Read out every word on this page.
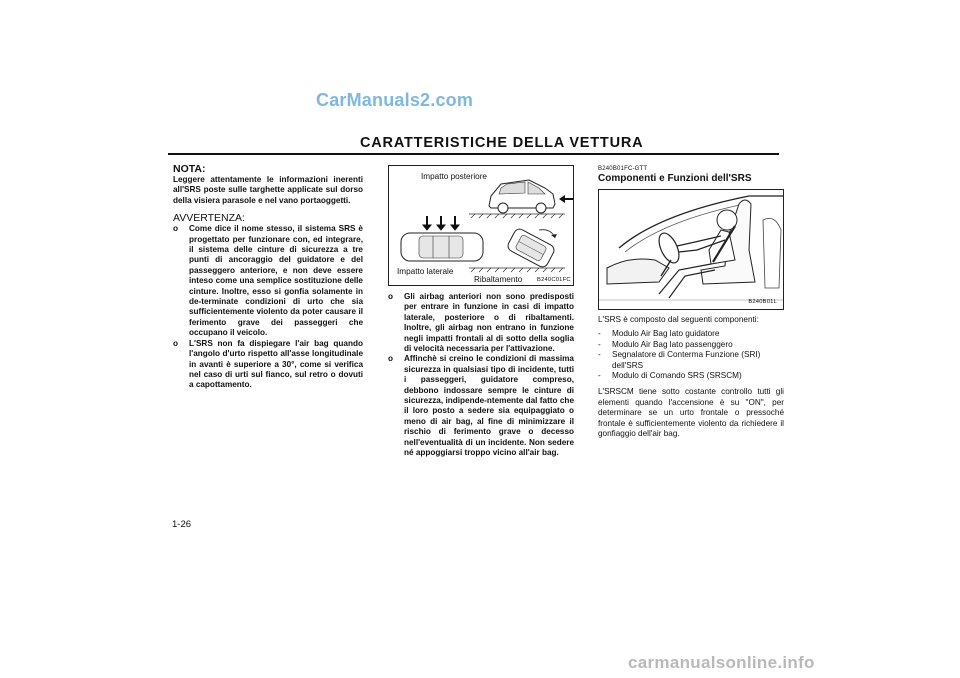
CarManuals2.com
carmanualsonline.info
CARATTERISTICHE DELLA VETTURA
NOTA:

Leggere attentamente le informazioni inerenti all'SRS poste sulle targhette applicate sul dorso della visiera parasole e nel vano portaoggetti.

AVVERTENZA:
o Come dice il nome stesso, il sistema SRS è progettato per funzionare con, ed integrare, il sistema delle cinture di sicurezza a tre punti di ancoraggio del guidatore e del passeggero anteriore, e non deve essere inteso come una semplice sostituzione delle cinture. Inoltre, esso si gonfia solamente in de-terminate condizioni di urto che sia sufficientemente violento da poter causare il ferimento grave dei passeggeri che occupano il veicolo.
o L'SRS non fa dispiegare l'air bag quando l'angolo d'urto rispetto all'asse longitudinale in avanti è superiore a 30°, come si verifica nel caso di urti sul fianco, sul retro o dovuti a capottamento.
Impatto posteriore
Impatto laterale
Ribaltamento	B240C01FC
o Gli airbag anteriori non sono predisposti per entrare in funzione in casi di impatto laterale, posteriore o di ribaltamenti. Inoltre, gli airbag non entrano in funzione negli impatti frontali al di sotto della soglia di velocità necessaria per l'attivazione.
o Affinchè si creino le condizioni di massima sicurezza in qualsiasi tipo di incidente, tutti i passeggeri, guidatore compreso, debbono indossare sempre le cinture di sicurezza, indipende-ntemente dal fatto che il loro posto a sedere sia equipaggiato o meno di air bag, al fine di minimizzare il rischio di ferimento grave o decesso nell'eventualità di un incidente. Non sedere né appoggiarsi troppo vicino all'air bag.
B240B01FC-GTT
Componenti e Funzioni dell'SRS
B240B01L

L'SRS è composto dal seguenti componenti:

- Modulo Air Bag lato guidatore
- Modulo Air Bag lato passenggero
- Segnalatore di Conterma Funzione (SRI) dell'SRS
- Modulo di Comando SRS (SRSCM)

L'SRSCM tiene sotto costante controllo tutti gli elementi quando l'accensione è su "ON", per determinare se un urto frontale o pressoché frontale è sufficientemente violento da richiedere il gonfiaggio dell'air bag.

1-26
